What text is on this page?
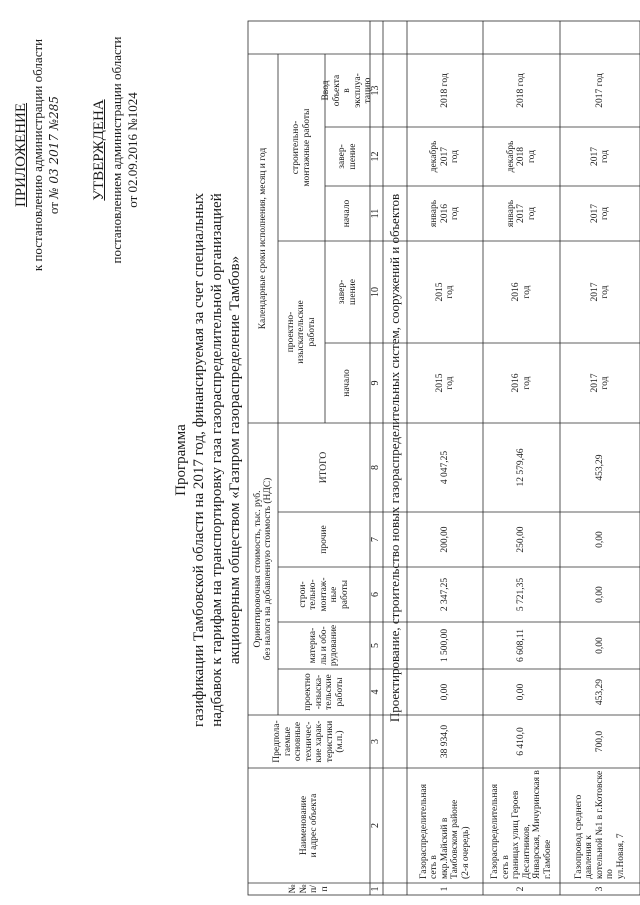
ПРИЛОЖЕНИЕ к постановлению администрации области от № 03 2017 №285 УТВЕРЖДЕНА постановлением администрации области от 02.09.2016 №1024
Программа газификации Тамбовской области на 2017 год, финансируемая за счет специальных надбавок к тарифам на транспортировку газа газораспределительной организацией акционерным обществом «Газпром газораспределение Тамбов»
№
№
п/п
Наименование
и адрес объекта
Предпола-
гаемые
основные
техничес-
кие харак-
теристики
(м.п.)
Ориентировочная стоимость, тыс. руб.
без налога на добавленную стоимость (НДС)
проектно
-изыска-
тельские
работы
материа-
лы и обо-
рудование
строи-
тельно-
монтаж-
ные
работы
прочие
ИТОГО
Календарные сроки исполнения, месяц и год
проектно-
изыскательские
работы
строительно-
монтажные работы
начало
завер-
шение
начало
завер-
шение
Ввод
объекта
в
эксплуа-
тацию
1
2
3
4
5
6
7
8
9
10
11
12
13
Проектирование, строительство новых газораспределительных систем, сооружений и объектов
1
Газораспределительная сеть в
мкр.Майский в Тамбовском районе
(2-я очередь)
38 934,0
0,00
1 500,00
2 347,25
200,00
4 047,25
2015
год
2015
год
январь
2016
год
декабрь
2017
год
2018 год
2
Газораспределительная сеть в
границах улиц Героев Десантников,
Январская, Мичуринская в г.Тамбове
6 410,0
0,00
6 608,11
5 721,35
250,00
12 579,46
2016
год
2016
год
январь
2017
год
декабрь
2018
год
2018 год
3
Газопровод среднего давления к
котельной №1 в г.Котовске по
ул.Новая, 7
700,0
453,29
0,00
0,00
0,00
453,29
2017
год
2017
год
2017
год
2017
год
2017 год
